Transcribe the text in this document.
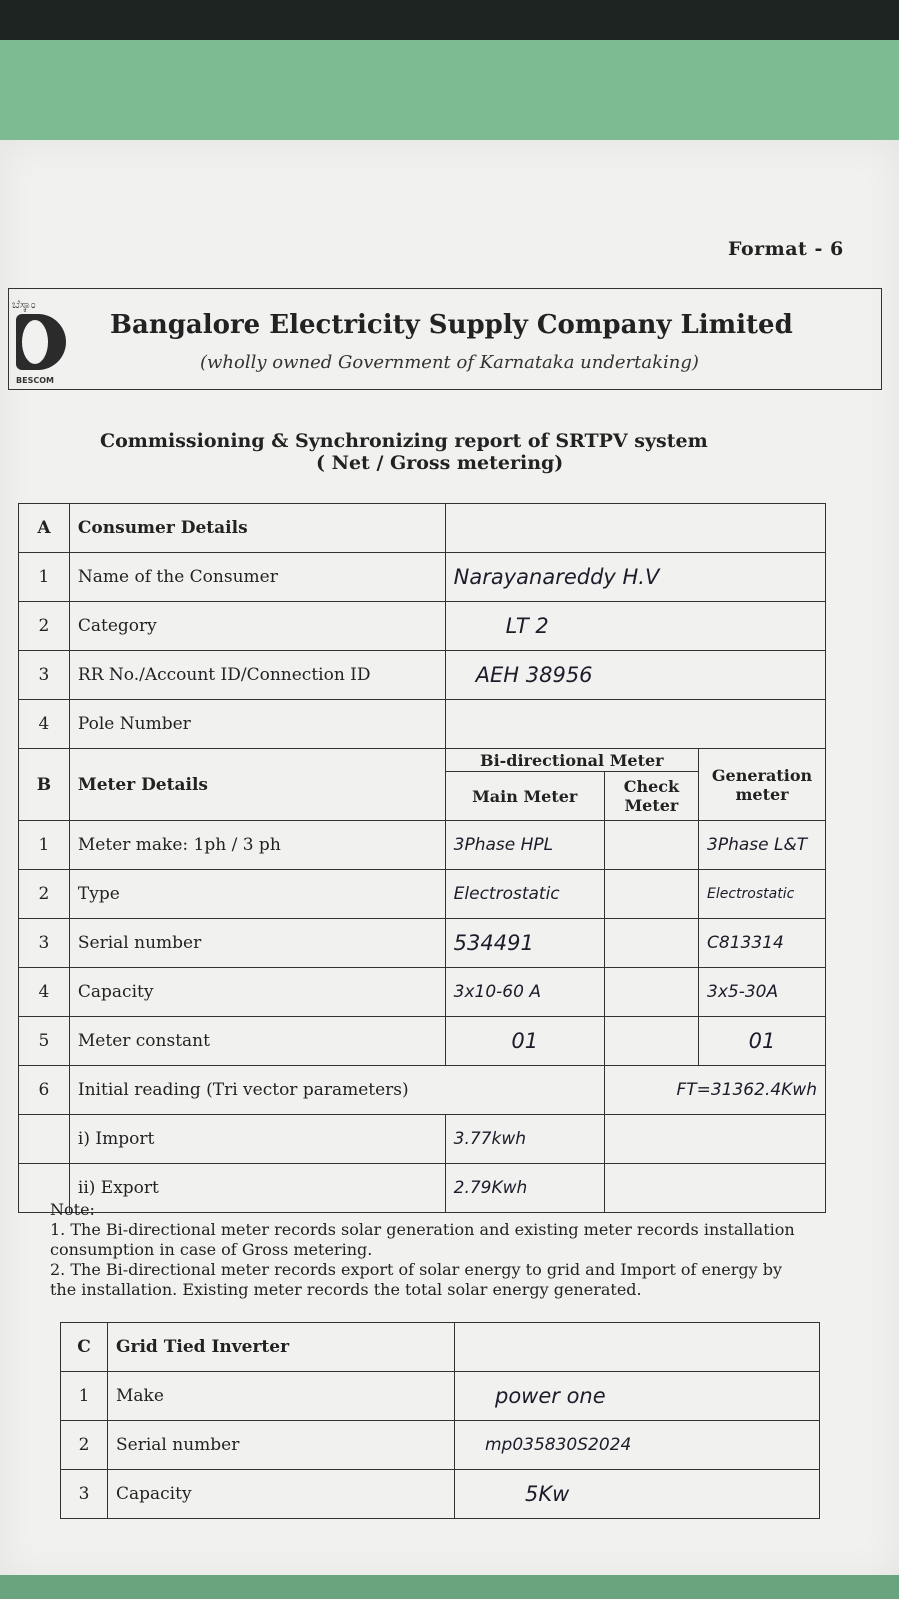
Format - 6
ಬೆಸ್ಕಾಂ
BESCOM
Bangalore Electricity Supply Company Limited
(wholly owned Government of Karnataka undertaking)
Commissioning & Synchronizing report of SRTPV system
( Net / Gross metering)
A	Consumer Details			
1	Name of the Consumer	Narayanareddy H.V		
2	Category	LT 2		
3	RR No./Account ID/Connection ID	AEH 38956		
4	Pole Number			
B	Meter Details	Bi-directional Meter		Generation meter
		Main Meter	Check Meter	
1	Meter make: 1ph / 3 ph	3Phase HPL		3Phase L&T
2	Type	Electrostatic		Electrostatic
3	Serial number	534491		C813314
4	Capacity	3x10-60 A		3x5-30A
5	Meter constant	01		01
6	Initial reading (Tri vector parameters)		FT=31362.4Kwh	
	i) Import	3.77kwh		
	ii) Export	2.79Kwh		

Note:

1. The Bi-directional meter records solar generation and existing meter records installation consumption in case of Gross metering.

2. The Bi-directional meter records export of solar energy to grid and Import of energy by the installation. Existing meter records the total solar energy generated.

C	Grid Tied Inverter	
1	Make	power one
2	Serial number	mp035830S2024
3	Capacity	5Kw
